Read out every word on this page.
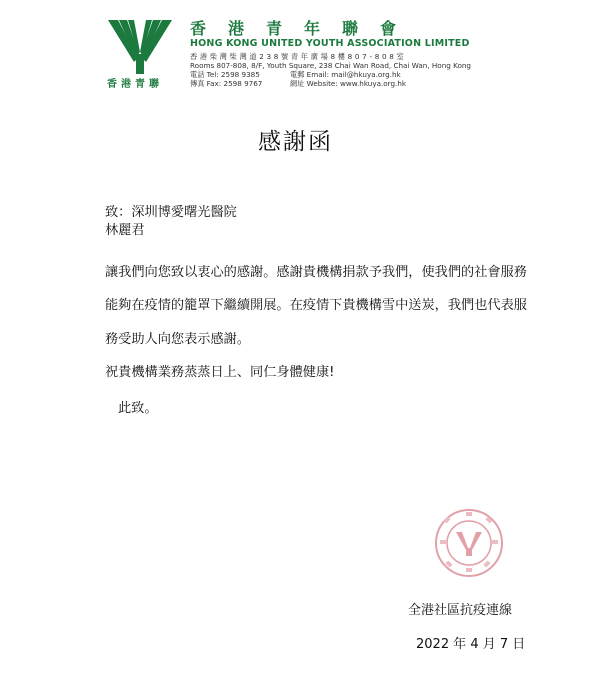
香港青年聯會
HONG KONG UNITED YOUTH ASSOCIATION LIMITED
香港柴灣柴灣道238號青年廣場8樓807-808室
Rooms 807-808, 8/F, Youth Square, 238 Chai Wan Road, Chai Wan, Hong Kong
電話 Tel: 2598 9385
傳真 Fax: 2598 9767
電郵 Email: mail@hkuya.org.hk
網址 Website: www.hkuya.org.hk
香港青聯
感謝函
致：深圳博愛曙光醫院
林麗君
讓我們向您致以衷心的感謝。感謝貴機構捐款予我們，使我們的社會服務
能夠在疫情的籠罩下繼續開展。在疫情下貴機構雪中送炭，我們也代表服
務受助人向您表示感謝。
祝貴機構業務蒸蒸日上、同仁身體健康!
此致。
全港社區抗疫連線
2022 年 4 月 7 日
